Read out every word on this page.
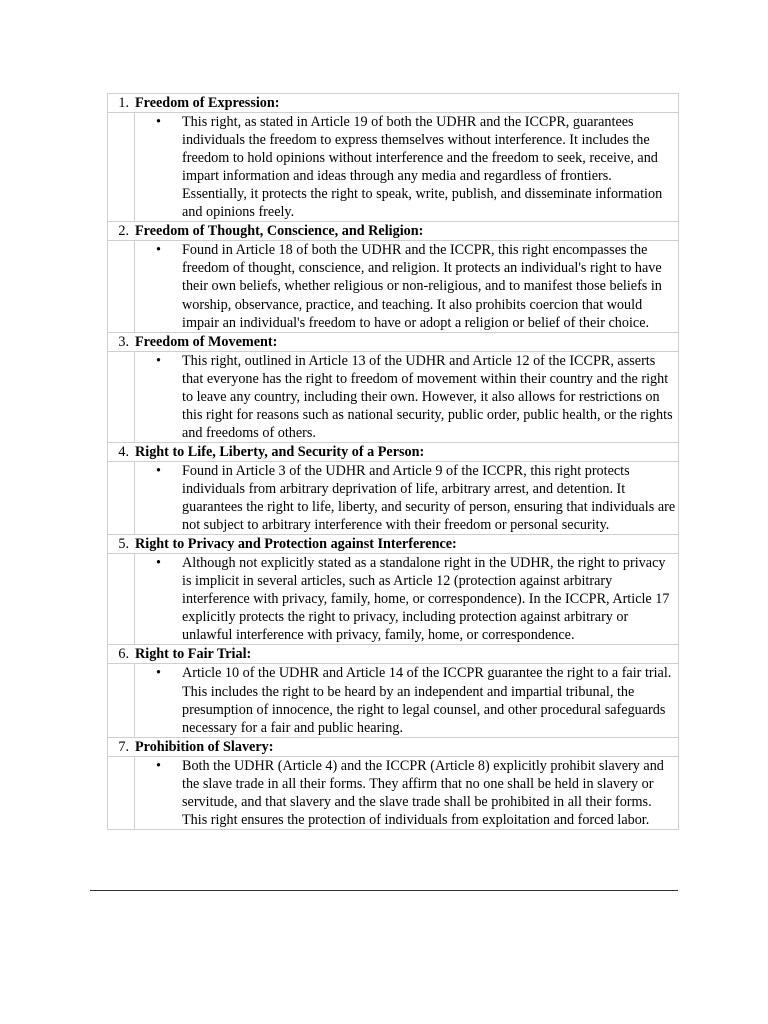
1. Freedom of Expression:	

	• This right, as stated in Article 19 of both the UDHR and the ICCPR, guarantees individuals the freedom to express themselves without interference. It includes the freedom to hold opinions without interference and the freedom to seek, receive, and impart information and ideas through any media and regardless of frontiers. Essentially, it protects the right to speak, write, publish, and disseminate information and opinions freely.

2. Freedom of Thought, Conscience, and Religion:	

	• Found in Article 18 of both the UDHR and the ICCPR, this right encompasses the freedom of thought, conscience, and religion. It protects an individual's right to have their own beliefs, whether religious or non-religious, and to manifest those beliefs in worship, observance, practice, and teaching. It also prohibits coercion that would impair an individual's freedom to have or adopt a religion or belief of their choice.

3. Freedom of Movement:	

	• This right, outlined in Article 13 of the UDHR and Article 12 of the ICCPR, asserts that everyone has the right to freedom of movement within their country and the right to leave any country, including their own. However, it also allows for restrictions on this right for reasons such as national security, public order, public health, or the rights and freedoms of others.

4. Right to Life, Liberty, and Security of a Person:	

	• Found in Article 3 of the UDHR and Article 9 of the ICCPR, this right protects individuals from arbitrary deprivation of life, arbitrary arrest, and detention. It guarantees the right to life, liberty, and security of person, ensuring that individuals are not subject to arbitrary interference with their freedom or personal security.

5. Right to Privacy and Protection against Interference:	

	• Although not explicitly stated as a standalone right in the UDHR, the right to privacy is implicit in several articles, such as Article 12 (protection against arbitrary interference with privacy, family, home, or correspondence). In the ICCPR, Article 17 explicitly protects the right to privacy, including protection against arbitrary or unlawful interference with privacy, family, home, or correspondence.

6. Right to Fair Trial:	

	• Article 10 of the UDHR and Article 14 of the ICCPR guarantee the right to a fair trial. This includes the right to be heard by an independent and impartial tribunal, the presumption of innocence, the right to legal counsel, and other procedural safeguards necessary for a fair and public hearing.

7. Prohibition of Slavery:	

	• Both the UDHR (Article 4) and the ICCPR (Article 8) explicitly prohibit slavery and the slave trade in all their forms. They affirm that no one shall be held in slavery or servitude, and that slavery and the slave trade shall be prohibited in all their forms. This right ensures the protection of individuals from exploitation and forced labor.
